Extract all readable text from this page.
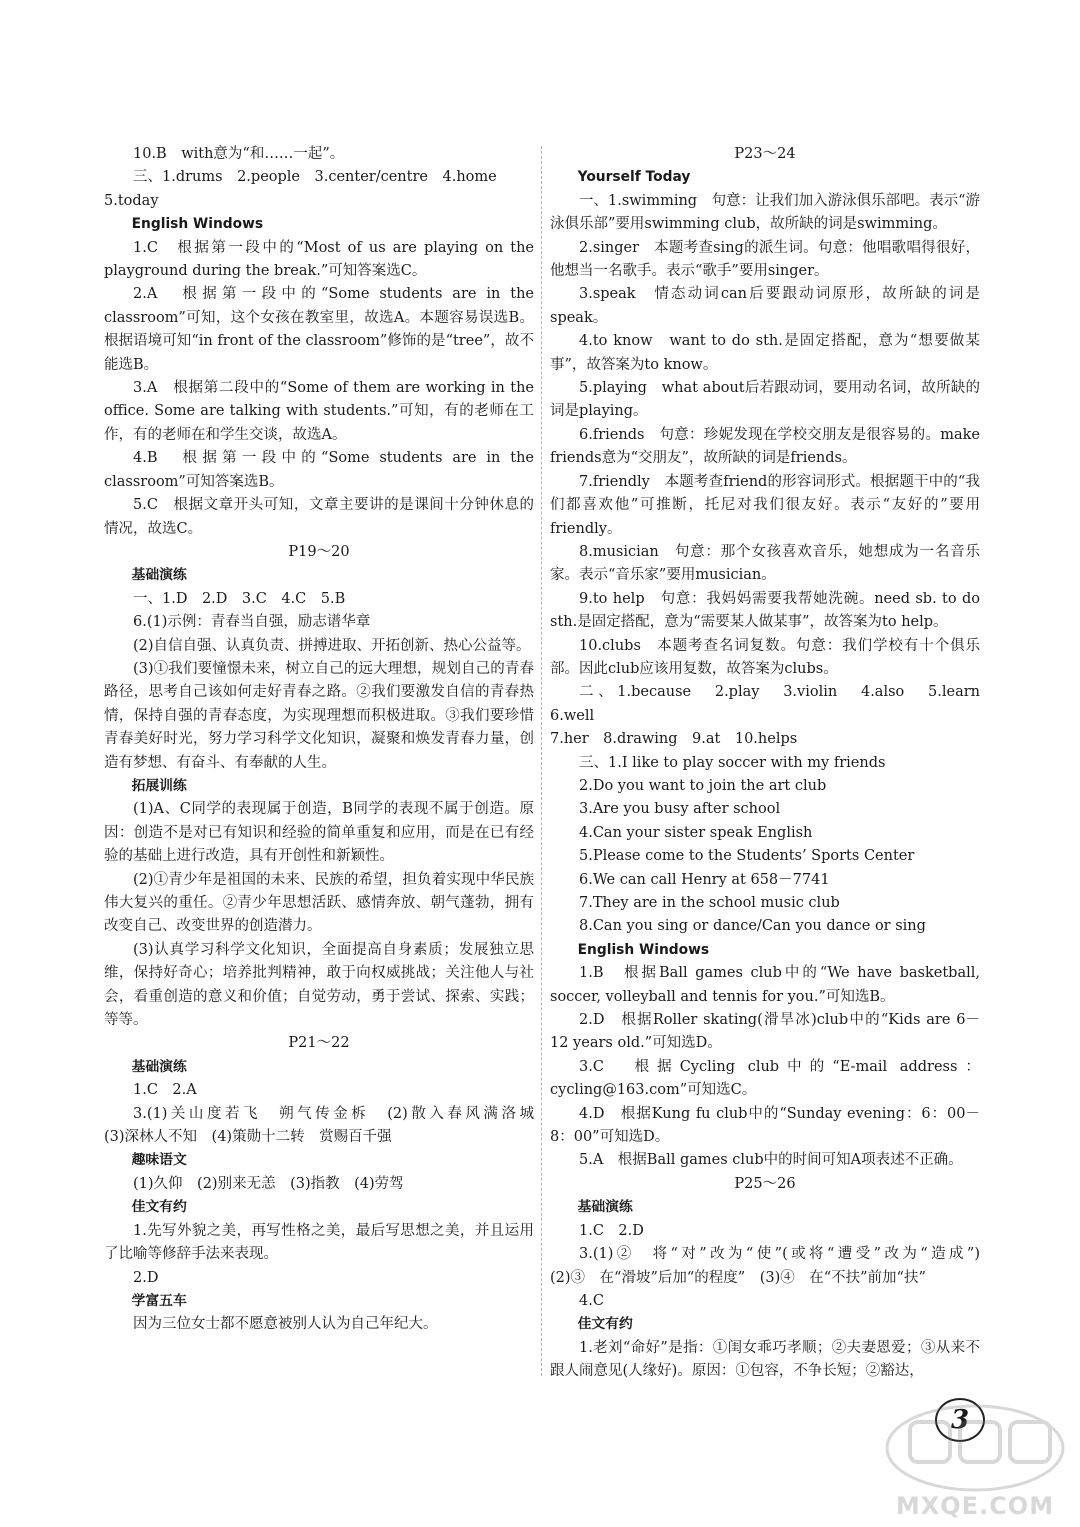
10.B　with意为“和……一起”。

三、1.drums　2.people　3.center/centre　4.home

5.today

English Windows

1.C　根据第一段中的“Most of us are playing on the playground during the break.”可知答案选C。

2.A　根据第一段中的“Some students are in the classroom”可知，这个女孩在教室里，故选A。本题容易误选B。根据语境可知“in front of the classroom”修饰的是“tree”，故不能选B。

3.A　根据第二段中的“Some of them are working in the office. Some are talking with students.”可知，有的老师在工作，有的老师在和学生交谈，故选A。

4.B　根据第一段中的“Some students are in the classroom”可知答案选B。

5.C　根据文章开头可知，文章主要讲的是课间十分钟休息的情况，故选C。

P19～20

基础演练

一、1.D　2.D　3.C　4.C　5.B

6.(1)示例：青春当自强，励志谱华章

(2)自信自强、认真负责、拼搏进取、开拓创新、热心公益等。

(3)①我们要憧憬未来，树立自己的远大理想，规划自己的青春路径，思考自己该如何走好青春之路。②我们要激发自信的青春热情，保持自强的青春态度，为实现理想而积极进取。③我们要珍惜青春美好时光，努力学习科学文化知识，凝聚和焕发青春力量，创造有梦想、有奋斗、有奉献的人生。

拓展训练

(1)A、C同学的表现属于创造，B同学的表现不属于创造。原因：创造不是对已有知识和经验的简单重复和应用，而是在已有经验的基础上进行改造，具有开创性和新颖性。

(2)①青少年是祖国的未来、民族的希望，担负着实现中华民族伟大复兴的重任。②青少年思想活跃、感情奔放、朝气蓬勃，拥有改变自己、改变世界的创造潜力。

(3)认真学习科学文化知识，全面提高自身素质；发展独立思维，保持好奇心；培养批判精神，敢于向权威挑战；关注他人与社会，看重创造的意义和价值；自觉劳动，勇于尝试、探索、实践；等等。

P21～22

基础演练

1.C　2.A

3.(1)关山度若飞　朔气传金柝　(2)散入春风满洛城

(3)深林人不知　(4)策勋十二转　赏赐百千强

趣味语文

(1)久仰　(2)别来无恙　(3)指教　(4)劳驾

佳文有约

1.先写外貌之美，再写性格之美，最后写思想之美，并且运用了比喻等修辞手法来表现。

2.D

学富五车

因为三位女士都不愿意被别人认为自己年纪大。

P23～24

Yourself Today

一、1.swimming　句意：让我们加入游泳俱乐部吧。表示“游泳俱乐部”要用swimming club，故所缺的词是swimming。

2.singer　本题考查sing的派生词。句意：他唱歌唱得很好，他想当一名歌手。表示“歌手”要用singer。

3.speak　情态动词can后要跟动词原形，故所缺的词是speak。

4.to know　want to do sth.是固定搭配，意为“想要做某事”，故答案为to know。

5.playing　what about后若跟动词，要用动名词，故所缺的词是playing。

6.friends　句意：珍妮发现在学校交朋友是很容易的。make friends意为“交朋友”，故所缺的词是friends。

7.friendly　本题考查friend的形容词形式。根据题干中的“我们都喜欢他”可推断，托尼对我们很友好。表示“友好的”要用friendly。

8.musician　句意：那个女孩喜欢音乐，她想成为一名音乐家。表示“音乐家”要用musician。

9.to help　句意：我妈妈需要我帮她洗碗。need sb. to do sth.是固定搭配，意为“需要某人做某事”，故答案为to help。

10.clubs　本题考查名词复数。句意：我们学校有十个俱乐部。因此club应该用复数，故答案为clubs。

二、1.because　2.play　3.violin　4.also　5.learn　6.well

7.her　8.drawing　9.at　10.helps

三、1.I like to play soccer with my friends

2.Do you want to join the art club

3.Are you busy after school

4.Can your sister speak English

5.Please come to the Students’ Sports Center

6.We can call Henry at 658－7741

7.They are in the school music club

8.Can you sing or dance/Can you dance or sing

English Windows

1.B　根据Ball games club中的“We have basketball, soccer, volleyball and tennis for you.”可知选B。

2.D　根据Roller skating(滑旱冰)club中的“Kids are 6－12 years old.”可知选D。

3.C　根据Cycling club中的“E-mail address：cycling@163.com”可知选C。

4.D　根据Kung fu club中的“Sunday evening：6：00－8：00”可知选D。

5.A　根据Ball games club中的时间可知A项表述不正确。

P25～26

基础演练

1.C　2.D

3.(1)②　将“对”改为“使”(或将“遭受”改为“造成”)

(2)③　在“滑坡”后加“的程度”　(3)④　在“不扶”前加“扶”

4.C

佳文有约

1.老刘“命好”是指：①闺女乖巧孝顺；②夫妻恩爱；③从来不跟人闹意见(人缘好)。原因：①包容，不争长短；②豁达，

3
MXQE.COM
